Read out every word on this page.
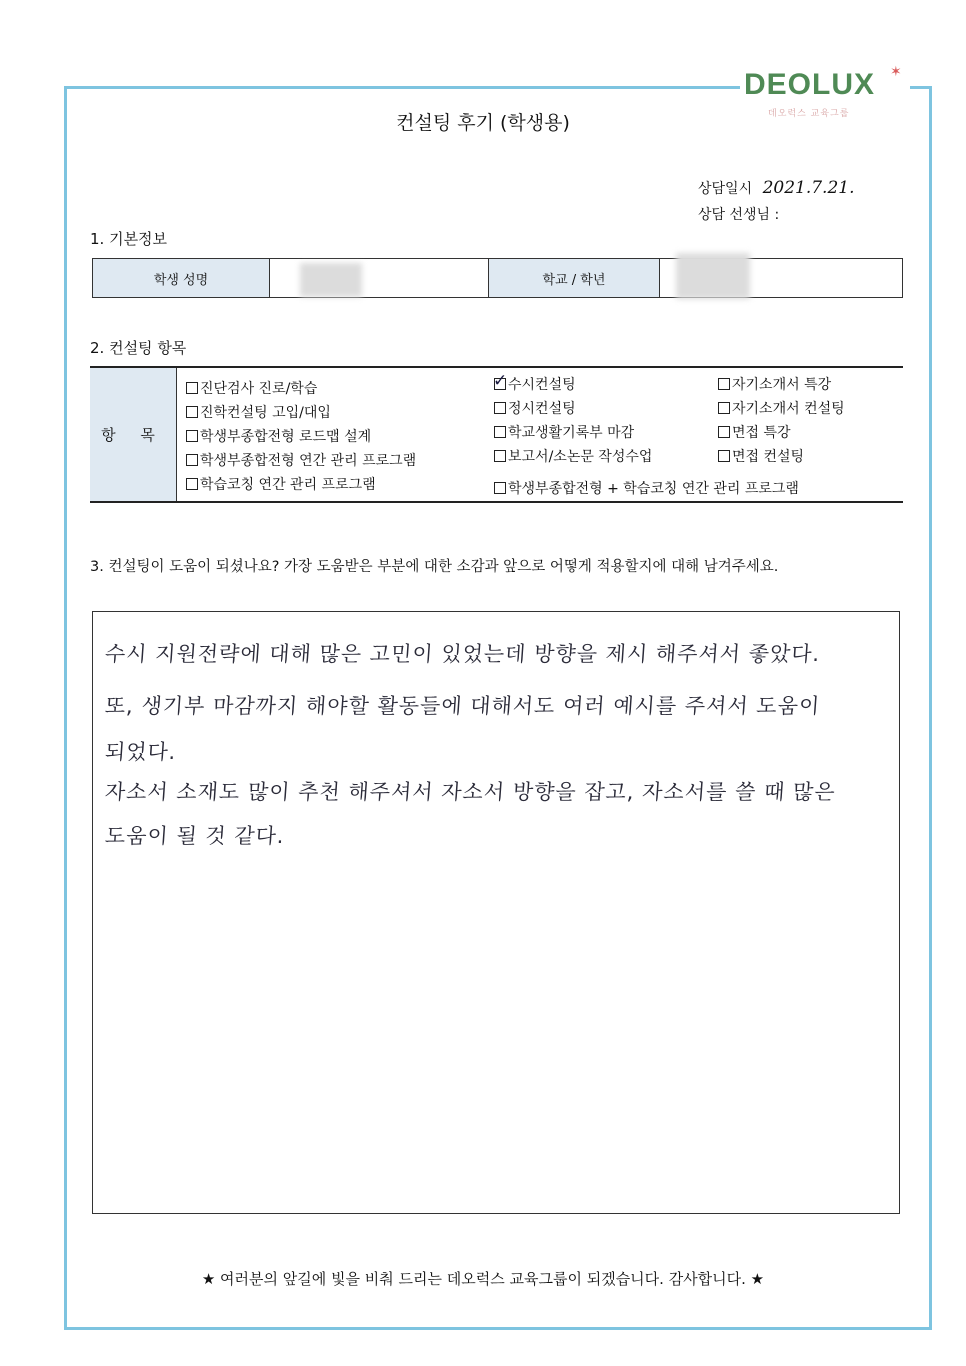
DEOLUX ✶
데오럭스 교육그룹
컨설팅 후기 (학생용)
상담일시 2021.7.21.
상담 선생님 :
1. 기본정보
학생 성명	학교 / 학년
2. 컨설팅 항목
항 목
진단검사 진로/학습
진학컨설팅 고입/대입
학생부종합전형 로드맵 설계
학생부종합전형 연간 관리 프로그램
학습코칭 연간 관리 프로그램
✓ 수시컨설팅
정시컨설팅
학교생활기록부 마감
보고서/소논문 작성수업
자기소개서 특강
자기소개서 컨설팅
면접 특강
면접 컨설팅
학생부종합전형 + 학습코칭 연간 관리 프로그램
3. 컨설팅이 도움이 되셨나요? 가장 도움받은 부분에 대한 소감과 앞으로 어떻게 적용할지에 대해 남겨주세요.
수시 지원전략에 대해 많은 고민이 있었는데 방향을 제시 해주셔서 좋았다.
또, 생기부 마감까지 해야할 활동들에 대해서도 여러 예시를 주셔서 도움이
되었다.
자소서 소재도 많이 추천 해주셔서 자소서 방향을 잡고, 자소서를 쓸 때 많은
도움이 될 것 같다.
★ 여러분의 앞길에 빛을 비춰 드리는 데오럭스 교육그룹이 되겠습니다. 감사합니다. ★
